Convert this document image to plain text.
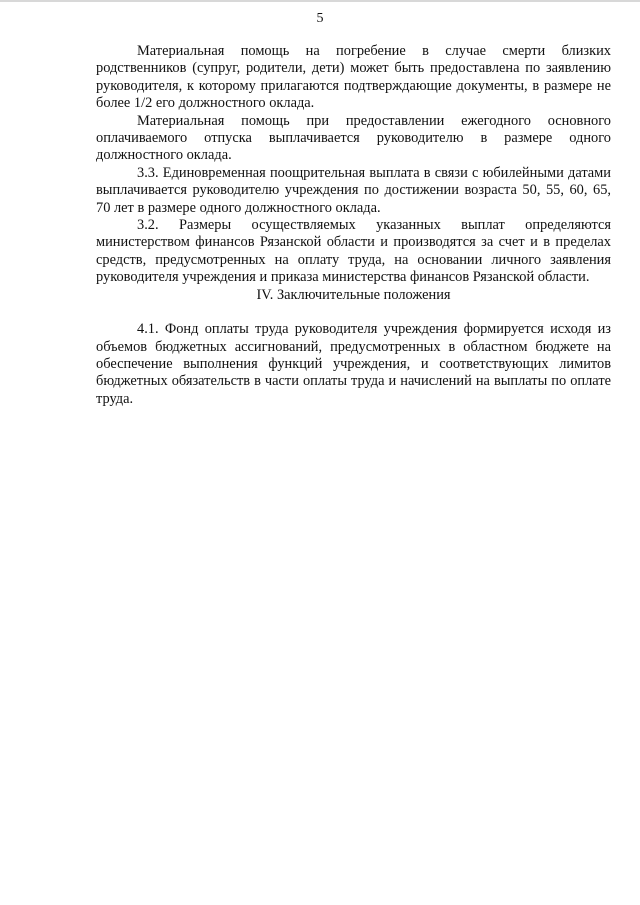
5

Материальная помощь на погребение в случае смерти близких родственников (супруг, родители, дети) может быть предоставлена по заявлению руководителя, к которому прилагаются подтверждающие документы, в размере не более 1/2 его должностного оклада.

Материальная помощь при предоставлении ежегодного основного оплачиваемого отпуска выплачивается руководителю в размере одного должностного оклада.

3.3. Единовременная поощрительная выплата в связи с юбилейными датами выплачивается руководителю учреждения по достижении возраста 50, 55, 60, 65, 70 лет в размере одного должностного оклада.

3.2. Размеры осуществляемых указанных выплат определяются министерством финансов Рязанской области и производятся за счет и в пределах средств, предусмотренных на оплату труда, на основании личного заявления руководителя учреждения и приказа министерства финансов Рязанской области.

IV. Заключительные положения

4.1. Фонд оплаты труда руководителя учреждения формируется исходя из объемов бюджетных ассигнований, предусмотренных в областном бюджете на обеспечение выполнения функций учреждения, и соответствующих лимитов бюджетных обязательств в части оплаты труда и начислений на выплаты по оплате труда.
